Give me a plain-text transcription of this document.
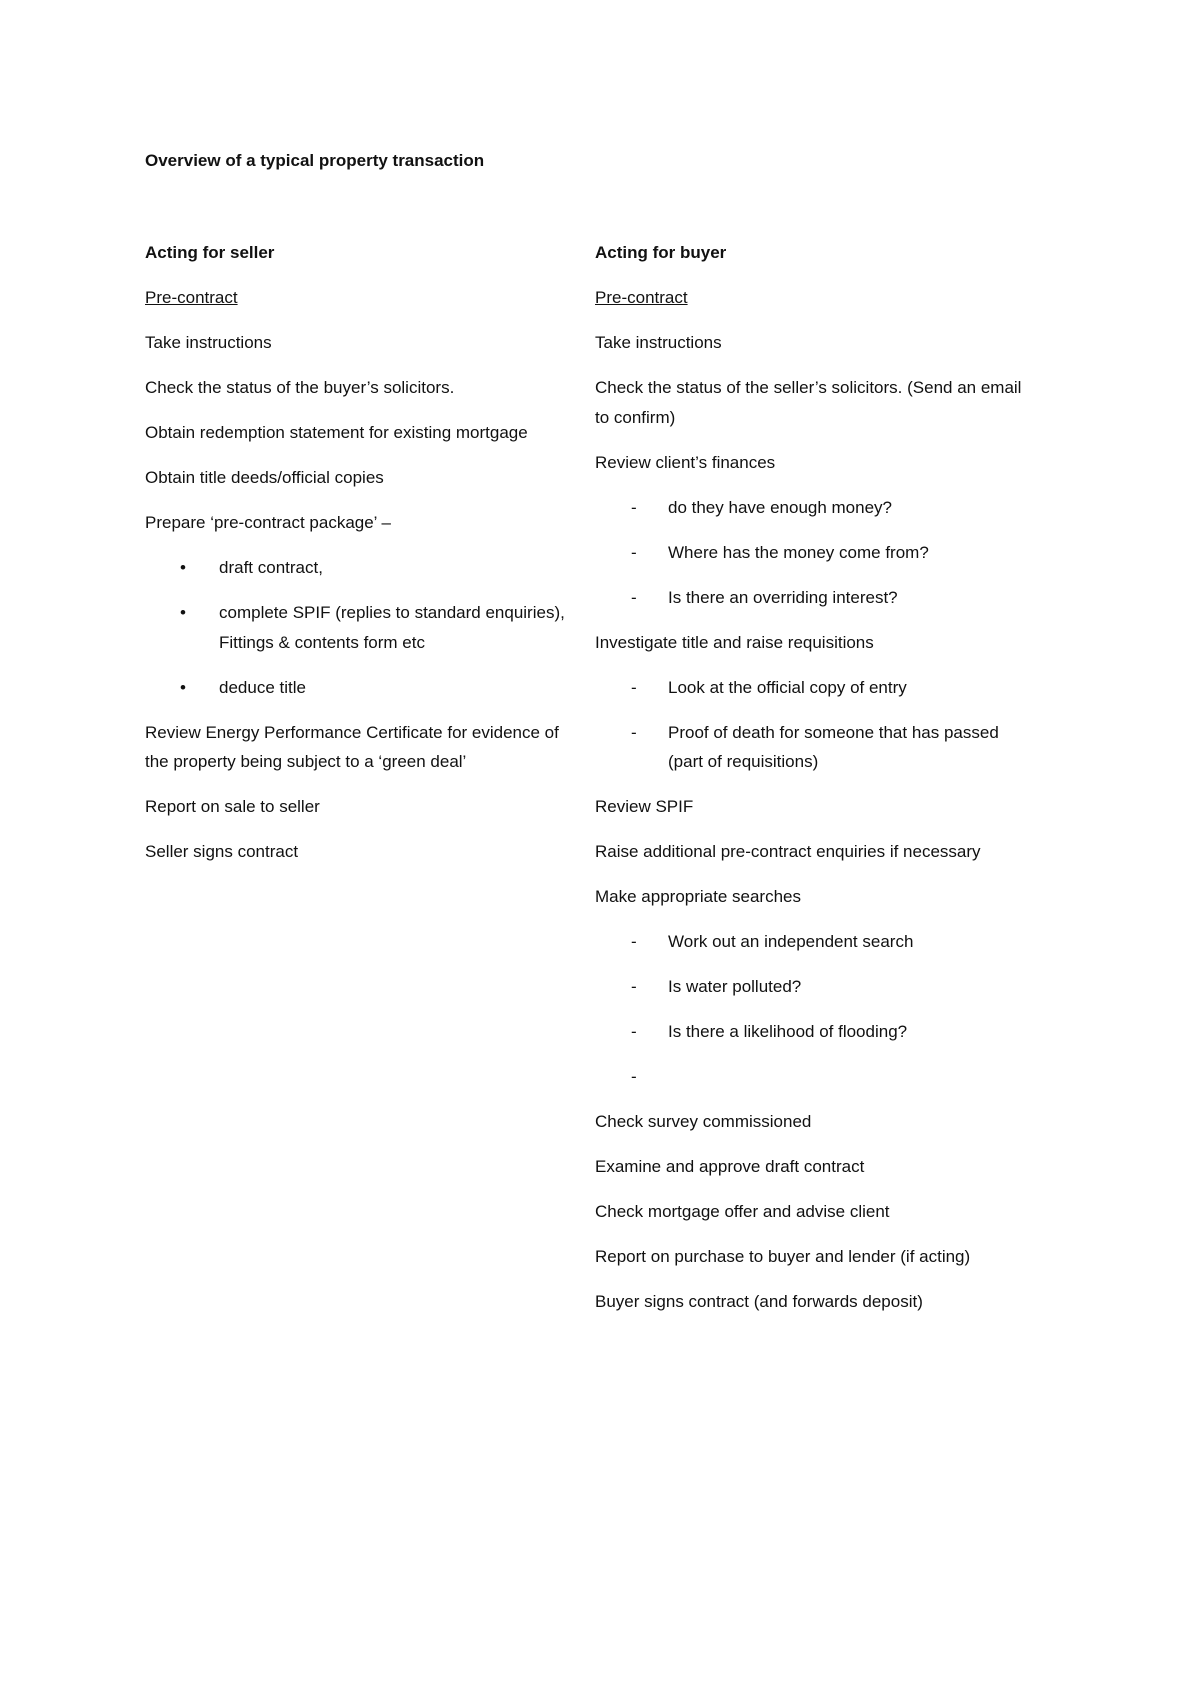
Overview of a typical property transaction

Acting for seller

Pre-contract

Take instructions

Check the status of the buyer’s solicitors.

Obtain redemption statement for existing mortgage

Obtain title deeds/official copies

Prepare ‘pre-contract package’ –

•	draft contract,

•	complete SPIF (replies to standard enquiries), Fittings & contents form etc

•	deduce title

Review Energy Performance Certificate for evidence of the property being subject to a ‘green deal’

Report on sale to seller

Seller signs contract

Acting for buyer

Pre-contract

Take instructions

Check the status of the seller’s solicitors. (Send an email to confirm)

Review client’s finances

-	do they have enough money?

-	Where has the money come from?

-	Is there an overriding interest?

Investigate title and raise requisitions

-	Look at the official copy of entry

-	Proof of death for someone that has passed (part of requisitions)

Review SPIF

Raise additional pre-contract enquiries if necessary

Make appropriate searches

-	Work out an independent search

-	Is water polluted?

-	Is there a likelihood of flooding?

-

Check survey commissioned

Examine and approve draft contract

Check mortgage offer and advise client

Report on purchase to buyer and lender (if acting)

Buyer signs contract (and forwards deposit)
